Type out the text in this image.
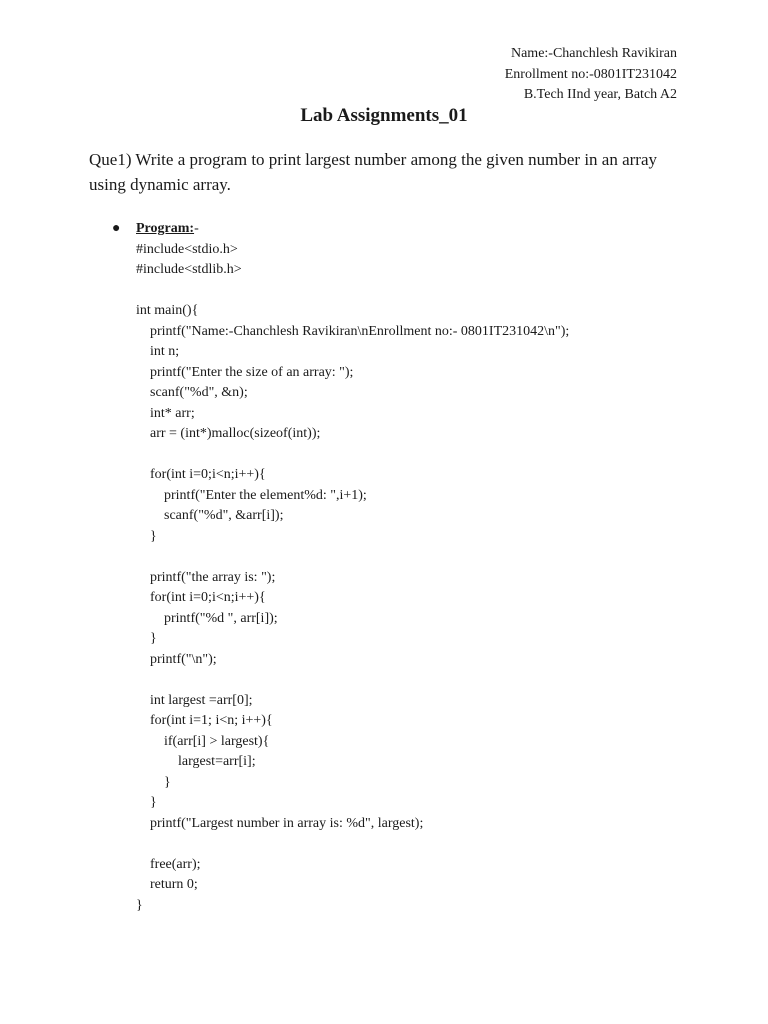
Name:-Chanchlesh Ravikiran
Enrollment no:-0801IT231042
B.Tech IInd year, Batch A2
Lab Assignments_01
Que1) Write a program to print largest number among the given number in an array using dynamic array.
● Program:-
#include<stdio.h>
#include<stdlib.h>
int main(){
printf("Name:-Chanchlesh Ravikiran\nEnrollment no:- 0801IT231042\n");
int n;
printf("Enter the size of an array: ");
scanf("%d", &n);
int* arr;
arr = (int*)malloc(sizeof(int));
for(int i=0;i<n;i++){
printf("Enter the element%d: ",i+1);
scanf("%d", &arr[i]);
}
printf("the array is: ");
for(int i=0;i<n;i++){
printf("%d ", arr[i]);
}
printf("\n");
int largest =arr[0];
for(int i=1; i<n; i++){
if(arr[i] > largest){
largest=arr[i];
}
}
printf("Largest number in array is: %d", largest);
free(arr);
return 0;
}
